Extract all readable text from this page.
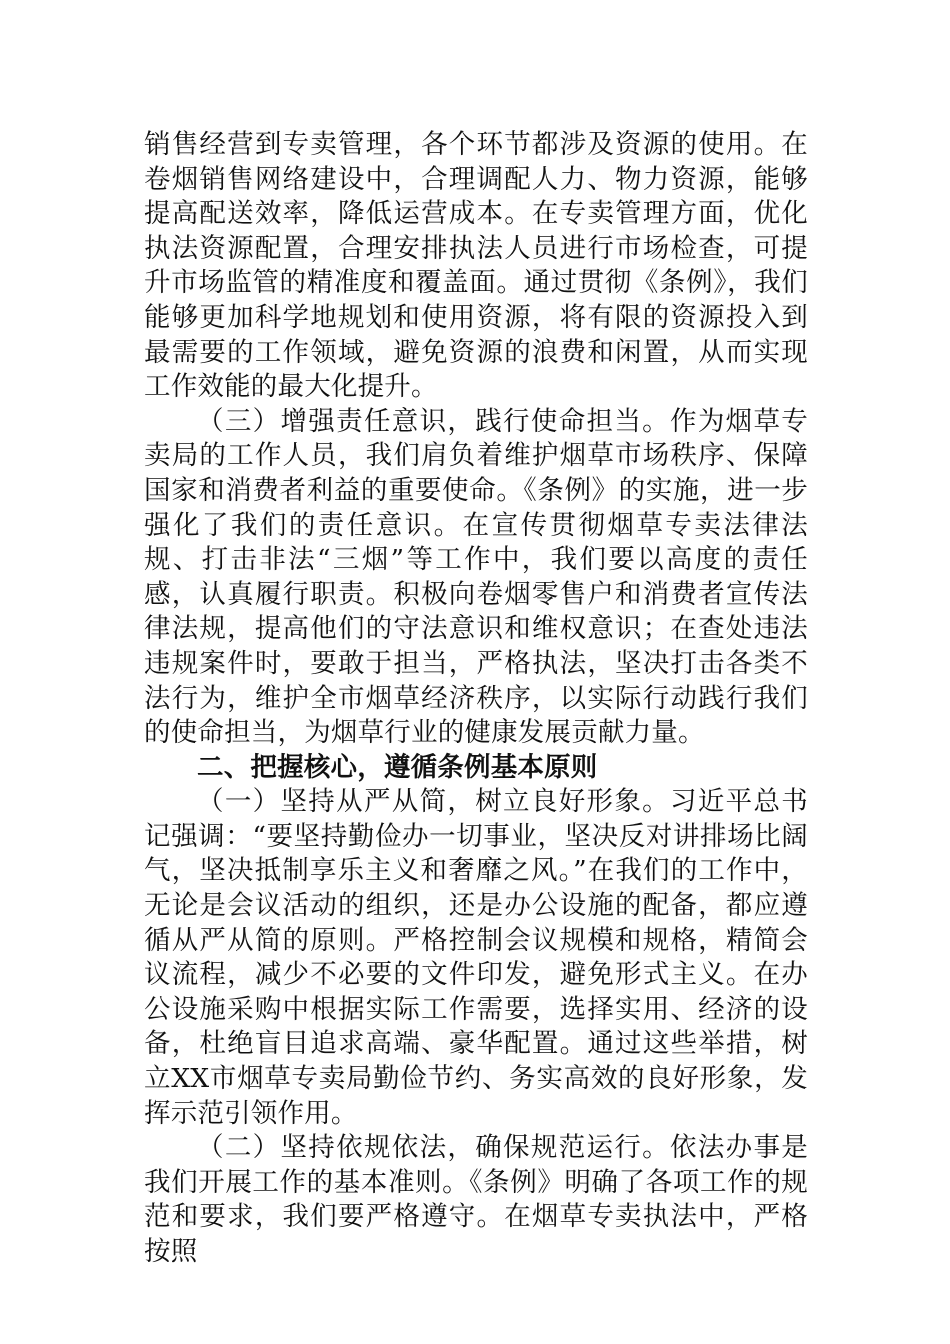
销售经营到专卖管理，各个环节都涉及资源的使用。在卷烟销售网络建设中，合理调配人力、物力资源，能够提高配送效率，降低运营成本。在专卖管理方面，优化执法资源配置，合理安排执法人员进行市场检查，可提升市场监管的精准度和覆盖面。通过贯彻《条例》，我们能够更加科学地规划和使用资源，将有限的资源投入到最需要的工作领域，避免资源的浪费和闲置，从而实现工作效能的最大化提升。

（三）增强责任意识，践行使命担当。作为烟草专卖局的工作人员，我们肩负着维护烟草市场秩序、保障国家和消费者利益的重要使命。《条例》的实施，进一步强化了我们的责任意识。在宣传贯彻烟草专卖法律法规、打击非法“三烟”等工作中，我们要以高度的责任感，认真履行职责。积极向卷烟零售户和消费者宣传法律法规，提高他们的守法意识和维权意识；在查处违法违规案件时，要敢于担当，严格执法，坚决打击各类不法行为，维护全市烟草经济秩序，以实际行动践行我们的使命担当，为烟草行业的健康发展贡献力量。

二、把握核心，遵循条例基本原则

（一）坚持从严从简，树立良好形象。习近平总书记强调：“要坚持勤俭办一切事业，坚决反对讲排场比阔气，坚决抵制享乐主义和奢靡之风。”在我们的工作中，无论是会议活动的组织，还是办公设施的配备，都应遵循从严从简的原则。严格控制会议规模和规格，精简会议流程，减少不必要的文件印发，避免形式主义。在办公设施采购中根据实际工作需要，选择实用、经济的设备，杜绝盲目追求高端、豪华配置。通过这些举措，树立XX市烟草专卖局勤俭节约、务实高效的良好形象，发挥示范引领作用。

（二）坚持依规依法，确保规范运行。依法办事是我们开展工作的基本准则。《条例》明确了各项工作的规范和要求，我们要严格遵守。在烟草专卖执法中，严格按照
